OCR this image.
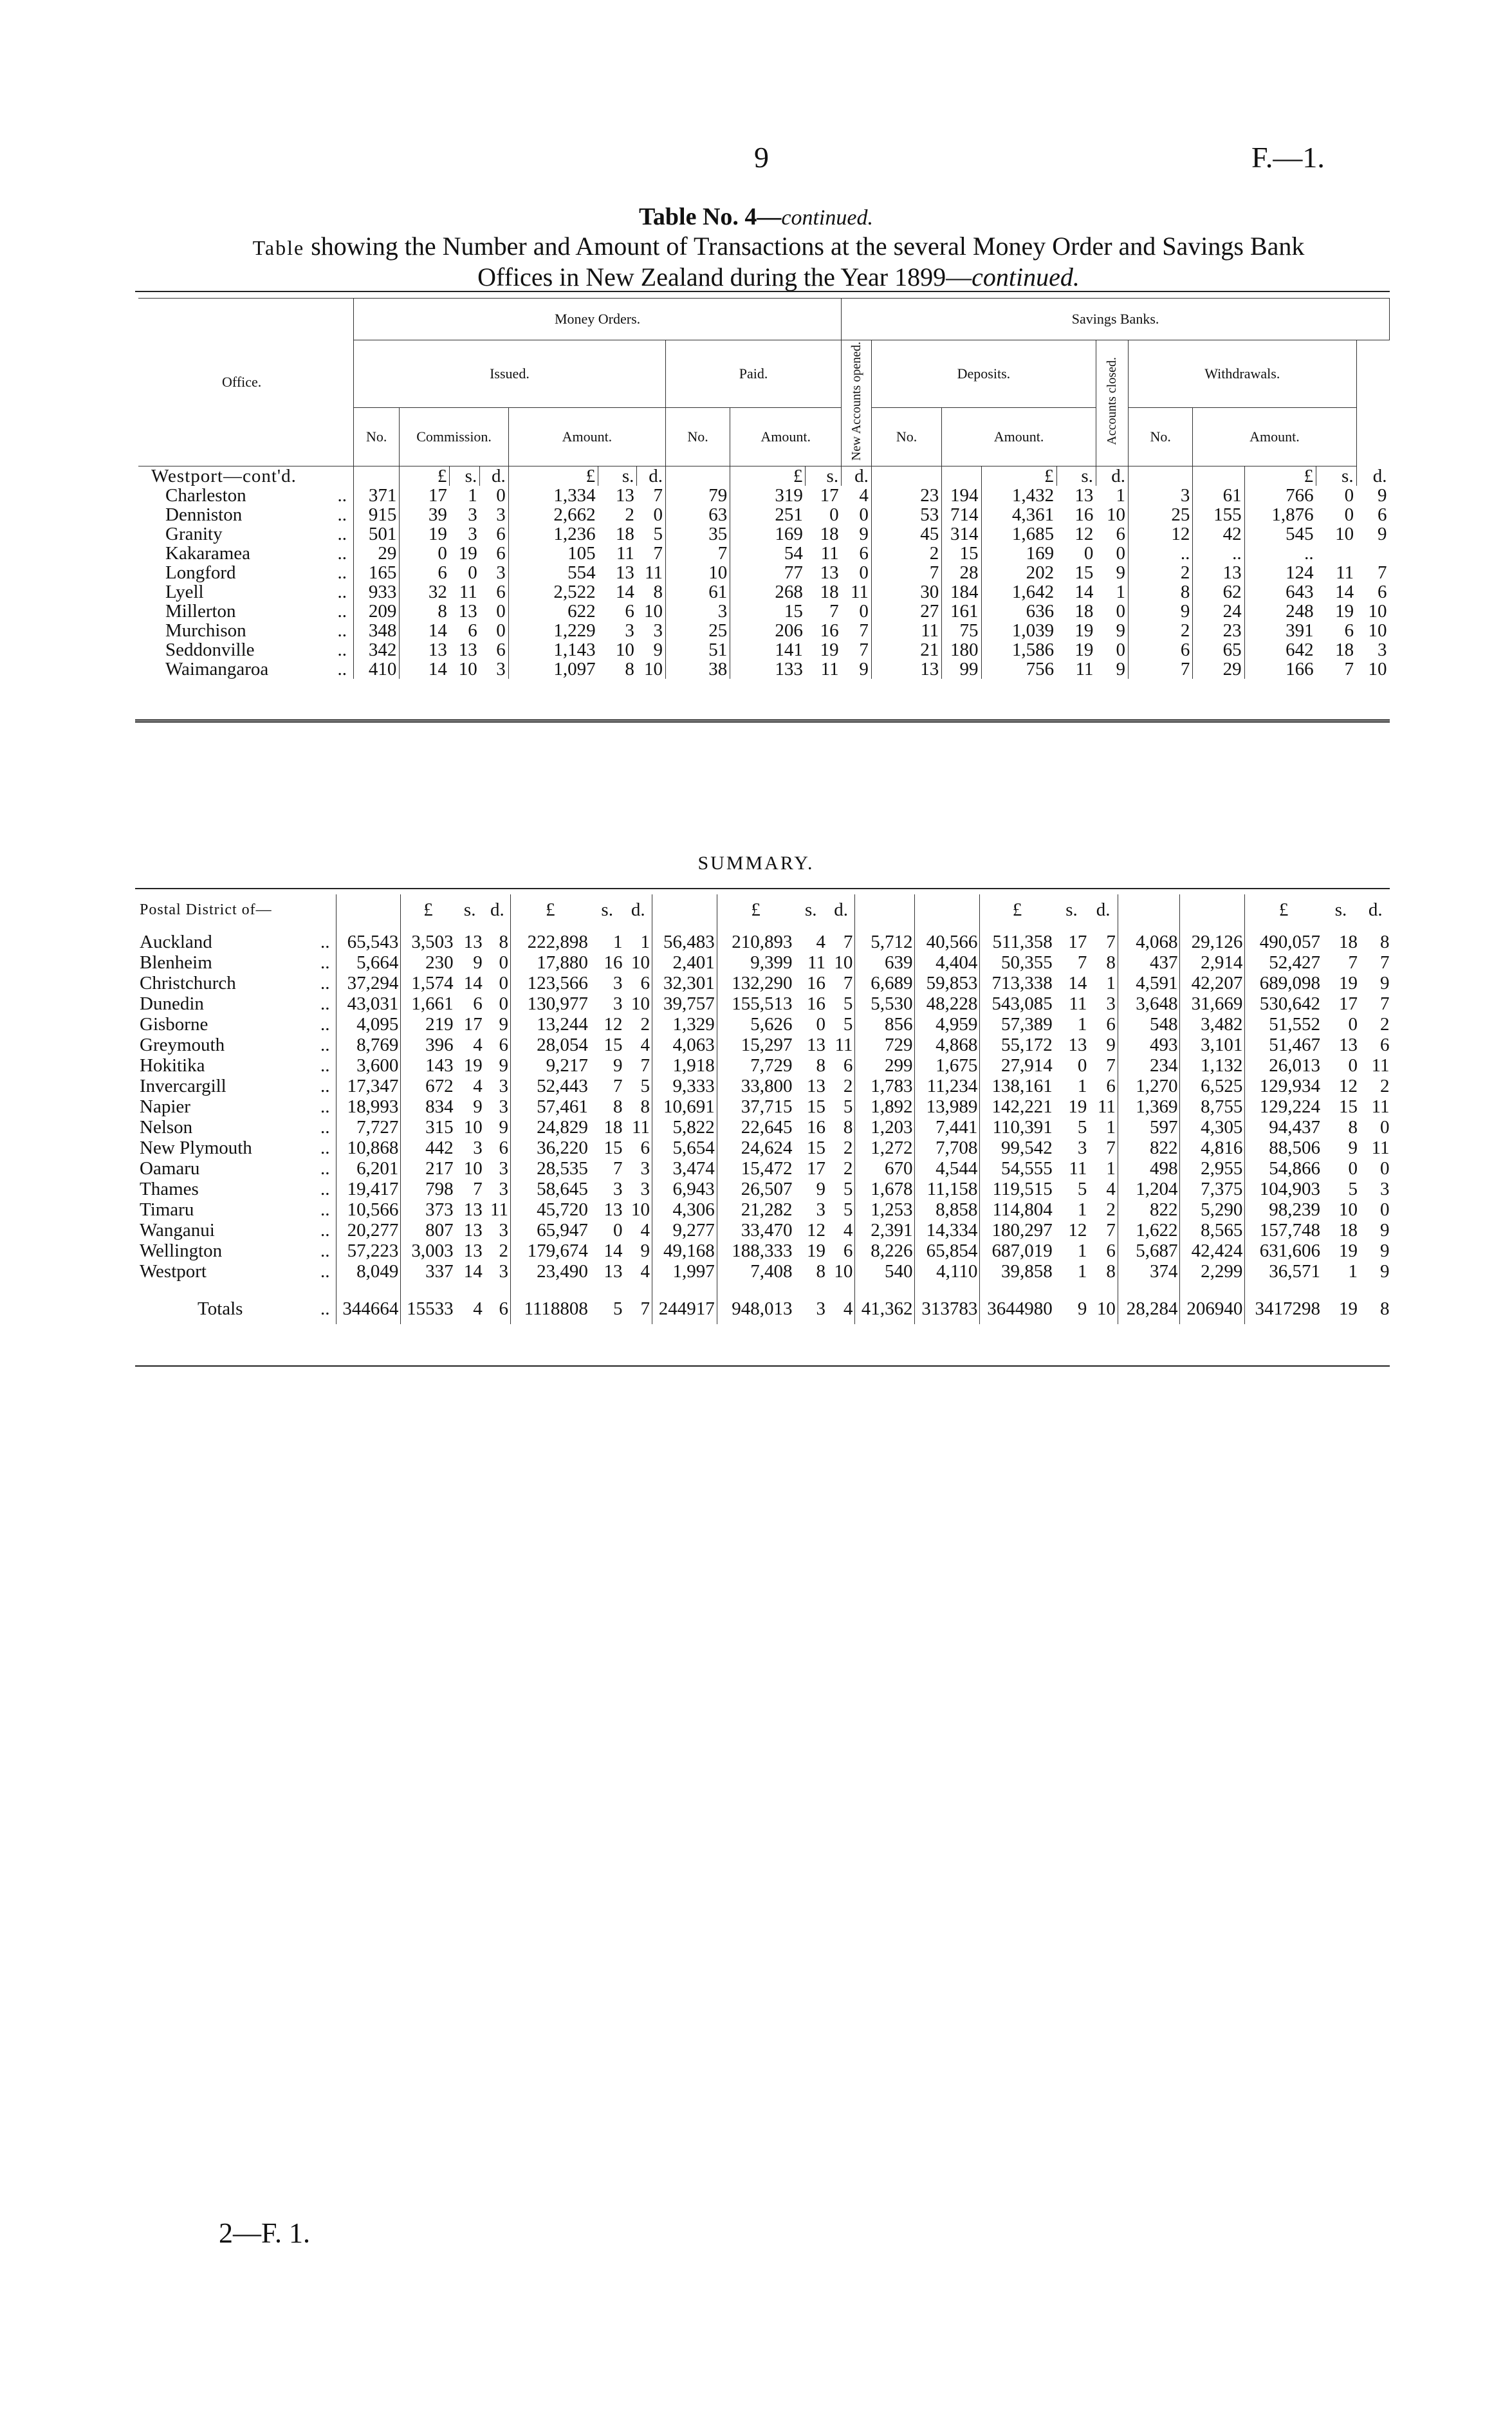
9	F.—1.
Table No. 4—continued.
Table showing the Number and Amount of Transactions at the several Money Order and Savings Bank
Offices in New Zealand during the Year 1899—continued.
Office.	Money Orders.										Savings Banks.										
	Issued.							Paid.			New Accounts opened.	Deposits.				Accounts closed.	Withdrawals.				
	No.	Commission.			Amount.			No.	Amount.			No.	Amount.				No.	Amount.			
Westport—cont'd.		£	s.	d.	£	s.	d.		£	s.	d.			£	s.	d.			£	s.	d.
Charleston ..	371	17	1	0	1,334	13	7	79	319	17	4	23	194	1,432	13	1	3	61	766	0	9
Denniston ..	915	39	3	3	2,662	2	0	63	251	0	0	53	714	4,361	16	10	25	155	1,876	0	6
Granity ..	501	19	3	6	1,236	18	5	35	169	18	9	45	314	1,685	12	6	12	42	545	10	9
Kakaramea ..	29	0	19	6	105	11	7	7	54	11	6	2	15	169	0	0	..	..	..		
Longford ..	165	6	0	3	554	13	11	10	77	13	0	7	28	202	15	9	2	13	124	11	7
Lyell ..	933	32	11	6	2,522	14	8	61	268	18	11	30	184	1,642	14	1	8	62	643	14	6
Millerton ..	209	8	13	0	622	6	10	3	15	7	0	27	161	636	18	0	9	24	248	19	10
Murchison ..	348	14	6	0	1,229	3	3	25	206	16	7	11	75	1,039	19	9	2	23	391	6	10
Seddonville ..	342	13	13	6	1,143	10	9	51	141	19	7	21	180	1,586	19	0	6	65	642	18	3
Waimangaroa ..	410	14	10	3	1,097	8	10	38	133	11	9	13	99	756	11	9	7	29	166	7	10
SUMMARY.
Postal District of—		£	s.	d.	£	s.	d.		£	s.	d.			£	s.	d.			£	s.	d.
Auckland ..	65,543	3,503	13	8	222,898	1	1	56,483	210,893	4	7	5,712	40,566	511,358	17	7	4,068	29,126	490,057	18	8
Blenheim ..	5,664	230	9	0	17,880	16	10	2,401	9,399	11	10	639	4,404	50,355	7	8	437	2,914	52,427	7	7
Christchurch ..	37,294	1,574	14	0	123,566	3	6	32,301	132,290	16	7	6,689	59,853	713,338	14	1	4,591	42,207	689,098	19	9
Dunedin ..	43,031	1,661	6	0	130,977	3	10	39,757	155,513	16	5	5,530	48,228	543,085	11	3	3,648	31,669	530,642	17	7
Gisborne ..	4,095	219	17	9	13,244	12	2	1,329	5,626	0	5	856	4,959	57,389	1	6	548	3,482	51,552	0	2
Greymouth ..	8,769	396	4	6	28,054	15	4	4,063	15,297	13	11	729	4,868	55,172	13	9	493	3,101	51,467	13	6
Hokitika ..	3,600	143	19	9	9,217	9	7	1,918	7,729	8	6	299	1,675	27,914	0	7	234	1,132	26,013	0	11
Invercargill ..	17,347	672	4	3	52,443	7	5	9,333	33,800	13	2	1,783	11,234	138,161	1	6	1,270	6,525	129,934	12	2
Napier ..	18,993	834	9	3	57,461	8	8	10,691	37,715	15	5	1,892	13,989	142,221	19	11	1,369	8,755	129,224	15	11
Nelson ..	7,727	315	10	9	24,829	18	11	5,822	22,645	16	8	1,203	7,441	110,391	5	1	597	4,305	94,437	8	0
New Plymouth ..	10,868	442	3	6	36,220	15	6	5,654	24,624	15	2	1,272	7,708	99,542	3	7	822	4,816	88,506	9	11
Oamaru ..	6,201	217	10	3	28,535	7	3	3,474	15,472	17	2	670	4,544	54,555	11	1	498	2,955	54,866	0	0
Thames ..	19,417	798	7	3	58,645	3	3	6,943	26,507	9	5	1,678	11,158	119,515	5	4	1,204	7,375	104,903	5	3
Timaru ..	10,566	373	13	11	45,720	13	10	4,306	21,282	3	5	1,253	8,858	114,804	1	2	822	5,290	98,239	10	0
Wanganui ..	20,277	807	13	3	65,947	0	4	9,277	33,470	12	4	2,391	14,334	180,297	12	7	1,622	8,565	157,748	18	9
Wellington ..	57,223	3,003	13	2	179,674	14	9	49,168	188,333	19	6	8,226	65,854	687,019	1	6	5,687	42,424	631,606	19	9
Westport ..	8,049	337	14	3	23,490	13	4	1,997	7,408	8	10	540	4,110	39,858	1	8	374	2,299	36,571	1	9
Totals ..	344664	15533	4	6	1118808	5	7	244917	948,013	3	4	41,362	313783	3644980	9	10	28,284	206940	3417298	19	8
2—F. 1.
